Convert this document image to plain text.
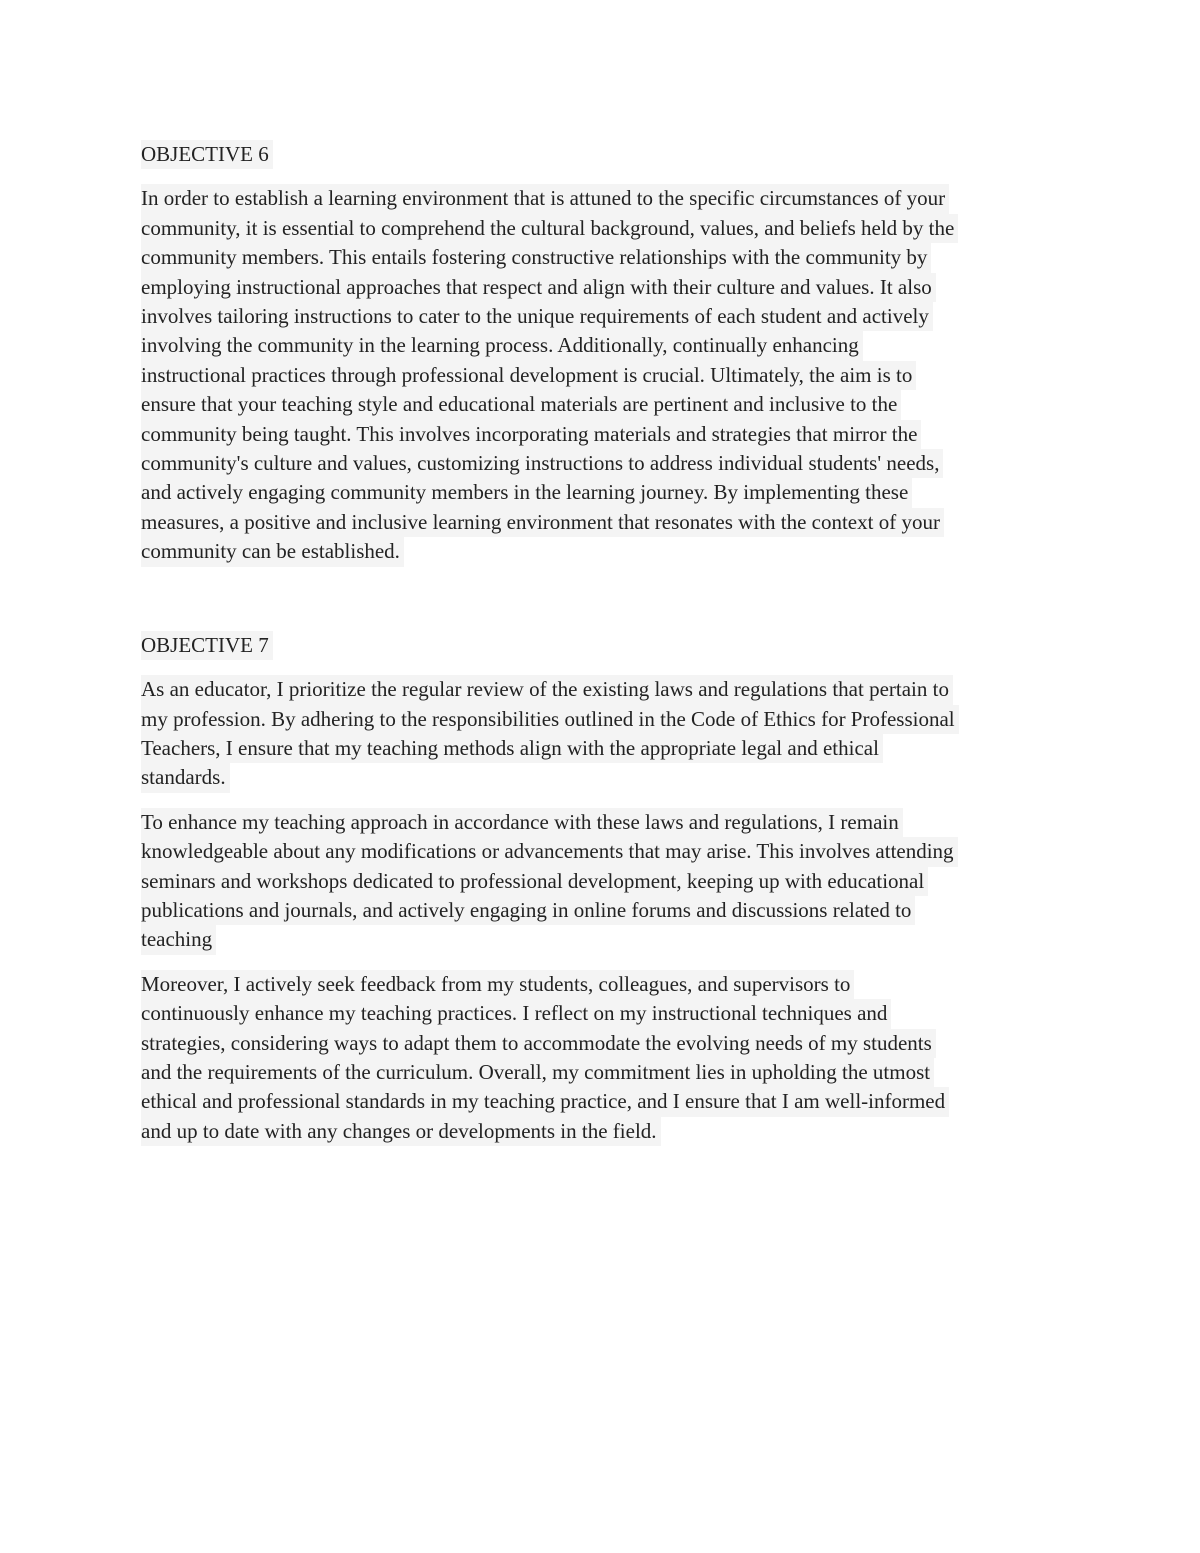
OBJECTIVE 6
In order to establish a learning environment that is attuned to the specific circumstances of your
community, it is essential to comprehend the cultural background, values, and beliefs held by the
community members. This entails fostering constructive relationships with the community by
employing instructional approaches that respect and align with their culture and values. It also
involves tailoring instructions to cater to the unique requirements of each student and actively
involving the community in the learning process. Additionally, continually enhancing
instructional practices through professional development is crucial. Ultimately, the aim is to
ensure that your teaching style and educational materials are pertinent and inclusive to the
community being taught. This involves incorporating materials and strategies that mirror the
community's culture and values, customizing instructions to address individual students' needs,
and actively engaging community members in the learning journey. By implementing these
measures, a positive and inclusive learning environment that resonates with the context of your
community can be established.
OBJECTIVE 7
As an educator, I prioritize the regular review of the existing laws and regulations that pertain to
my profession. By adhering to the responsibilities outlined in the Code of Ethics for Professional
Teachers, I ensure that my teaching methods align with the appropriate legal and ethical
standards.
To enhance my teaching approach in accordance with these laws and regulations, I remain
knowledgeable about any modifications or advancements that may arise. This involves attending
seminars and workshops dedicated to professional development, keeping up with educational
publications and journals, and actively engaging in online forums and discussions related to
teaching
Moreover, I actively seek feedback from my students, colleagues, and supervisors to
continuously enhance my teaching practices. I reflect on my instructional techniques and
strategies, considering ways to adapt them to accommodate the evolving needs of my students
and the requirements of the curriculum. Overall, my commitment lies in upholding the utmost
ethical and professional standards in my teaching practice, and I ensure that I am well-informed
and up to date with any changes or developments in the field.
